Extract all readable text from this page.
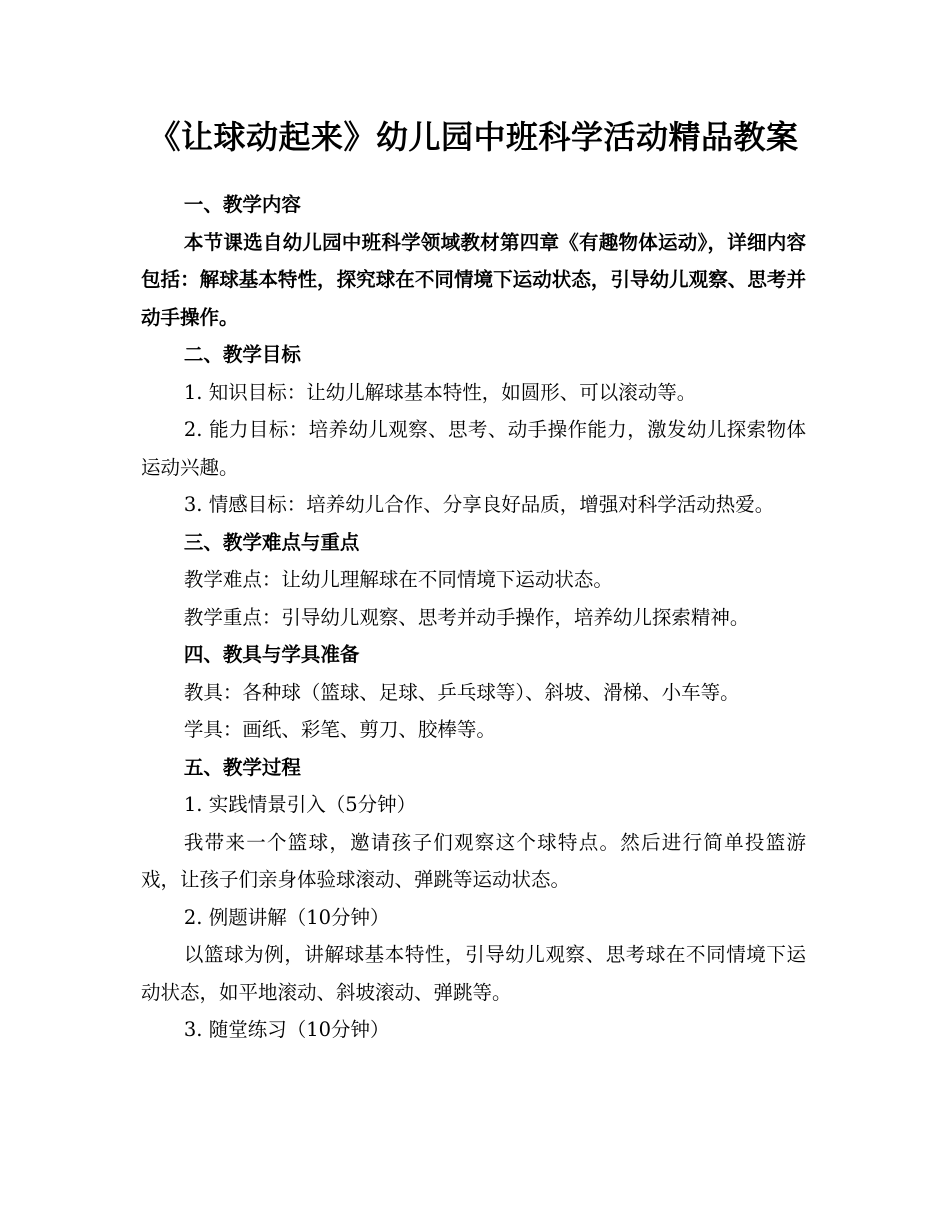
《让球动起来》幼儿园中班科学活动精品教案

一、教学内容

本节课选自幼儿园中班科学领域教材第四章《有趣物体运动》，详细内容包括：解球基本特性，探究球在不同情境下运动状态，引导幼儿观察、思考并动手操作。

二、教学目标

1. 知识目标：让幼儿解球基本特性，如圆形、可以滚动等。

2. 能力目标：培养幼儿观察、思考、动手操作能力，激发幼儿探索物体运动兴趣。

3. 情感目标：培养幼儿合作、分享良好品质，增强对科学活动热爱。

三、教学难点与重点

教学难点：让幼儿理解球在不同情境下运动状态。

教学重点：引导幼儿观察、思考并动手操作，培养幼儿探索精神。

四、教具与学具准备

教具：各种球（篮球、足球、乒乓球等）、斜坡、滑梯、小车等。

学具：画纸、彩笔、剪刀、胶棒等。

五、教学过程

1. 实践情景引入（5分钟）

我带来一个篮球，邀请孩子们观察这个球特点。然后进行简单投篮游戏，让孩子们亲身体验球滚动、弹跳等运动状态。

2. 例题讲解（10分钟）

以篮球为例，讲解球基本特性，引导幼儿观察、思考球在不同情境下运动状态，如平地滚动、斜坡滚动、弹跳等。

3. 随堂练习（10分钟）
